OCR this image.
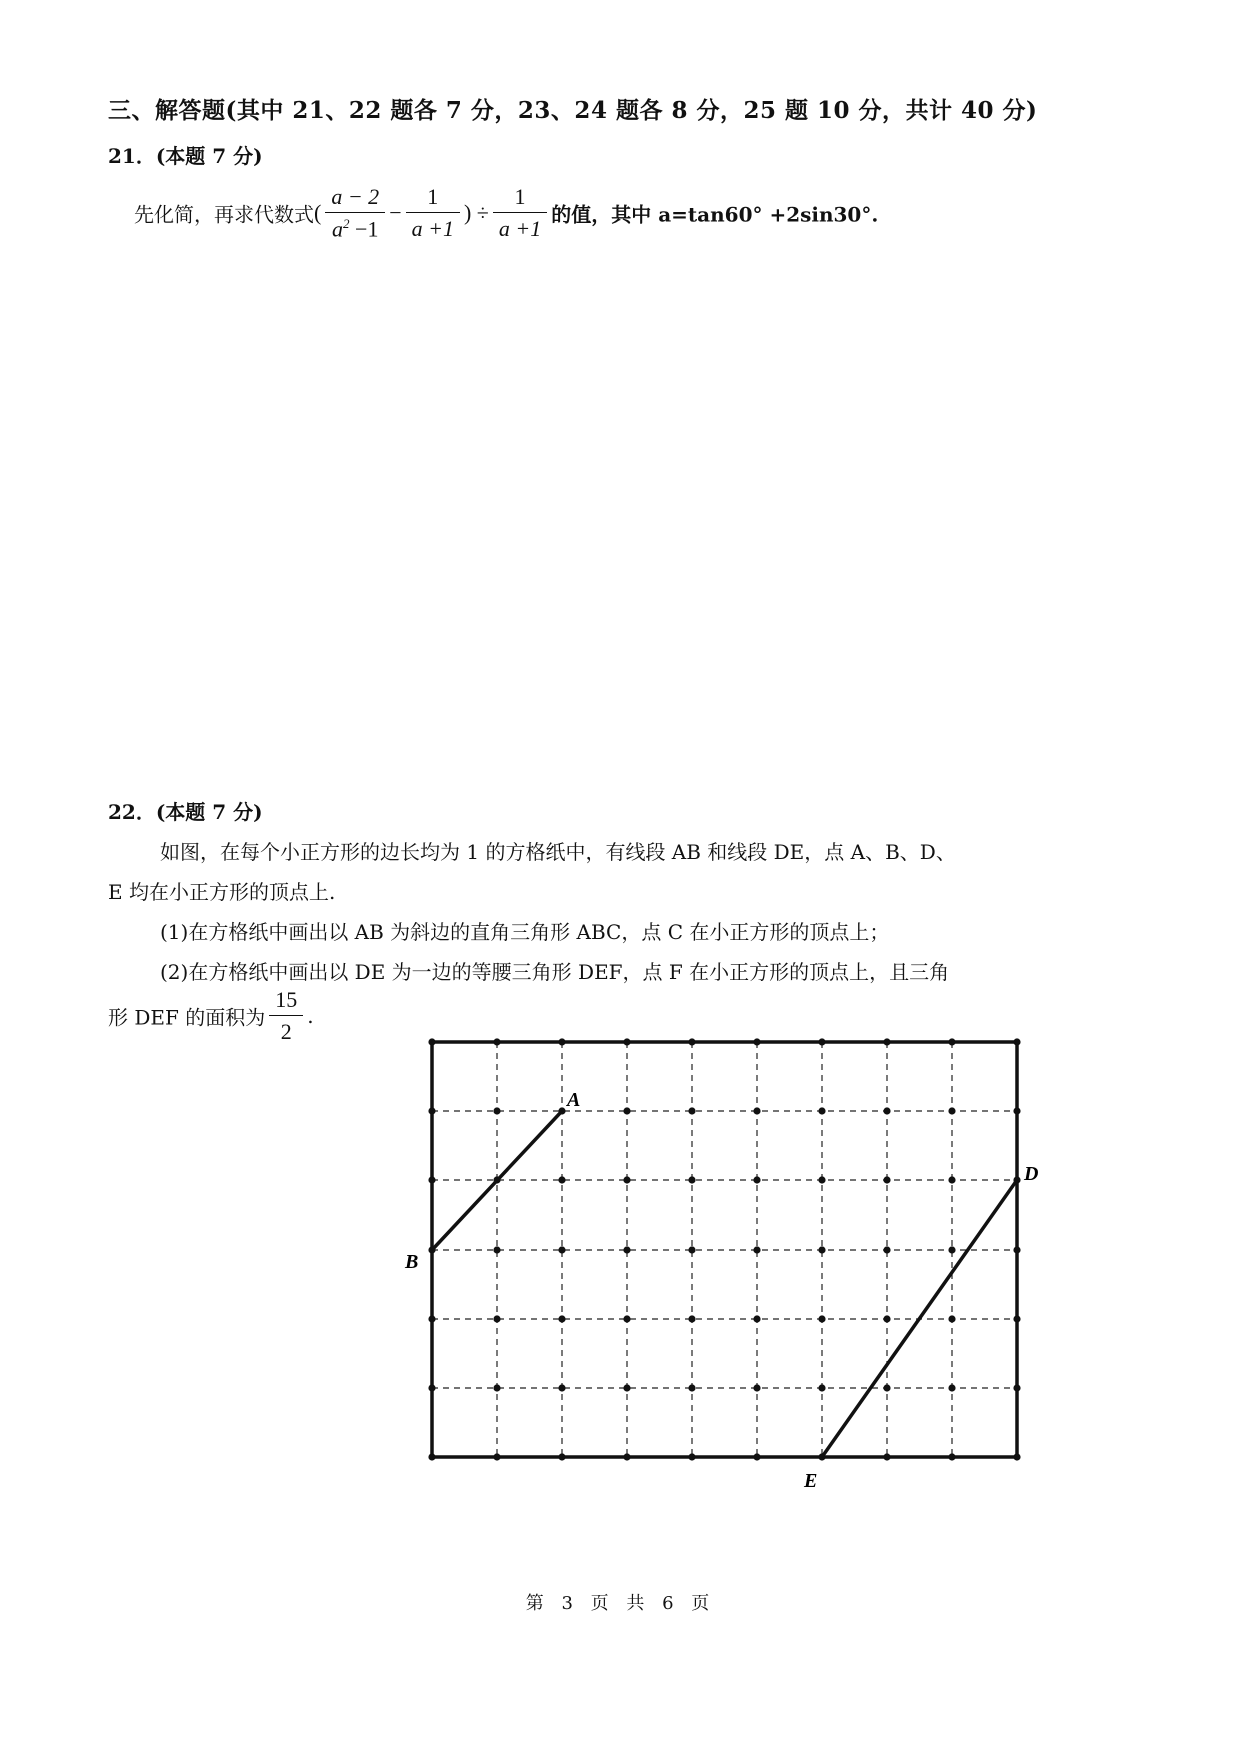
三、解答题(其中 21、22 题各 7 分，23、24 题各 8 分，25 题 10 分，共计 40 分)
21．(本题 7 分)
先化简，再求代数式( $\frac{a - 2}{a^2 -1} - \frac{1}{a +1}$ ) ÷ $\frac{1}{a +1}$ 的值，其中 a=tan60° +2sin30°.
22．(本题 7 分)
如图，在每个小正方形的边长均为 1 的方格纸中，有线段 AB 和线段 DE，点 A、B、D、
E 均在小正方形的顶点上.
(1)在方格纸中画出以 AB 为斜边的直角三角形 ABC，点 C 在小正方形的顶点上；
(2)在方格纸中画出以 DE 为一边的等腰三角形 DEF，点 F 在小正方形的顶点上，且三角
形 DEF 的面积为 $\frac{15}{2}$ .
A
B
D
E
第 3 页 共 6 页
